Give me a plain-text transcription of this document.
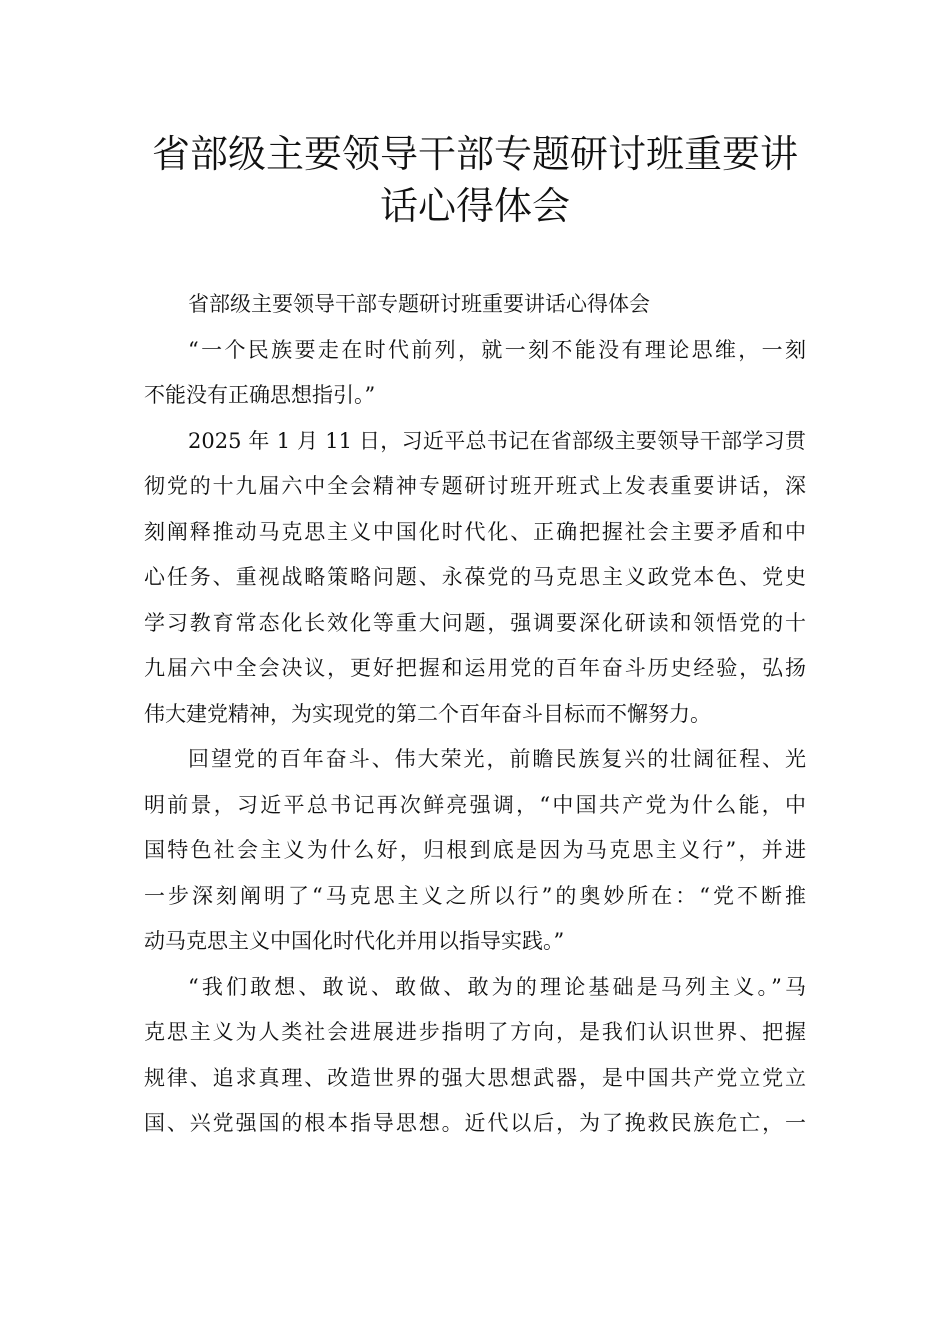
省部级主要领导干部专题研讨班重要讲
话心得体会
省部级主要领导干部专题研讨班重要讲话心得体会
“一个民族要走在时代前列，就一刻不能没有理论思维，一刻
不能没有正确思想指引。”
2025 年 1 月 11 日，习近平总书记在省部级主要领导干部学习贯
彻党的十九届六中全会精神专题研讨班开班式上发表重要讲话，深
刻阐释推动马克思主义中国化时代化、正确把握社会主要矛盾和中
心任务、重视战略策略问题、永葆党的马克思主义政党本色、党史
学习教育常态化长效化等重大问题，强调要深化研读和领悟党的十
九届六中全会决议，更好把握和运用党的百年奋斗历史经验，弘扬
伟大建党精神，为实现党的第二个百年奋斗目标而不懈努力。
回望党的百年奋斗、伟大荣光，前瞻民族复兴的壮阔征程、光
明前景，习近平总书记再次鲜亮强调，“中国共产党为什么能，中
国特色社会主义为什么好，归根到底是因为马克思主义行”，并进
一步深刻阐明了“马克思主义之所以行”的奥妙所在：“党不断推
动马克思主义中国化时代化并用以指导实践。”
“我们敢想、敢说、敢做、敢为的理论基础是马列主义。”马
克思主义为人类社会进展进步指明了方向，是我们认识世界、把握
规律、追求真理、改造世界的强大思想武器，是中国共产党立党立
国、兴党强国的根本指导思想。近代以后，为了挽救民族危亡，一
